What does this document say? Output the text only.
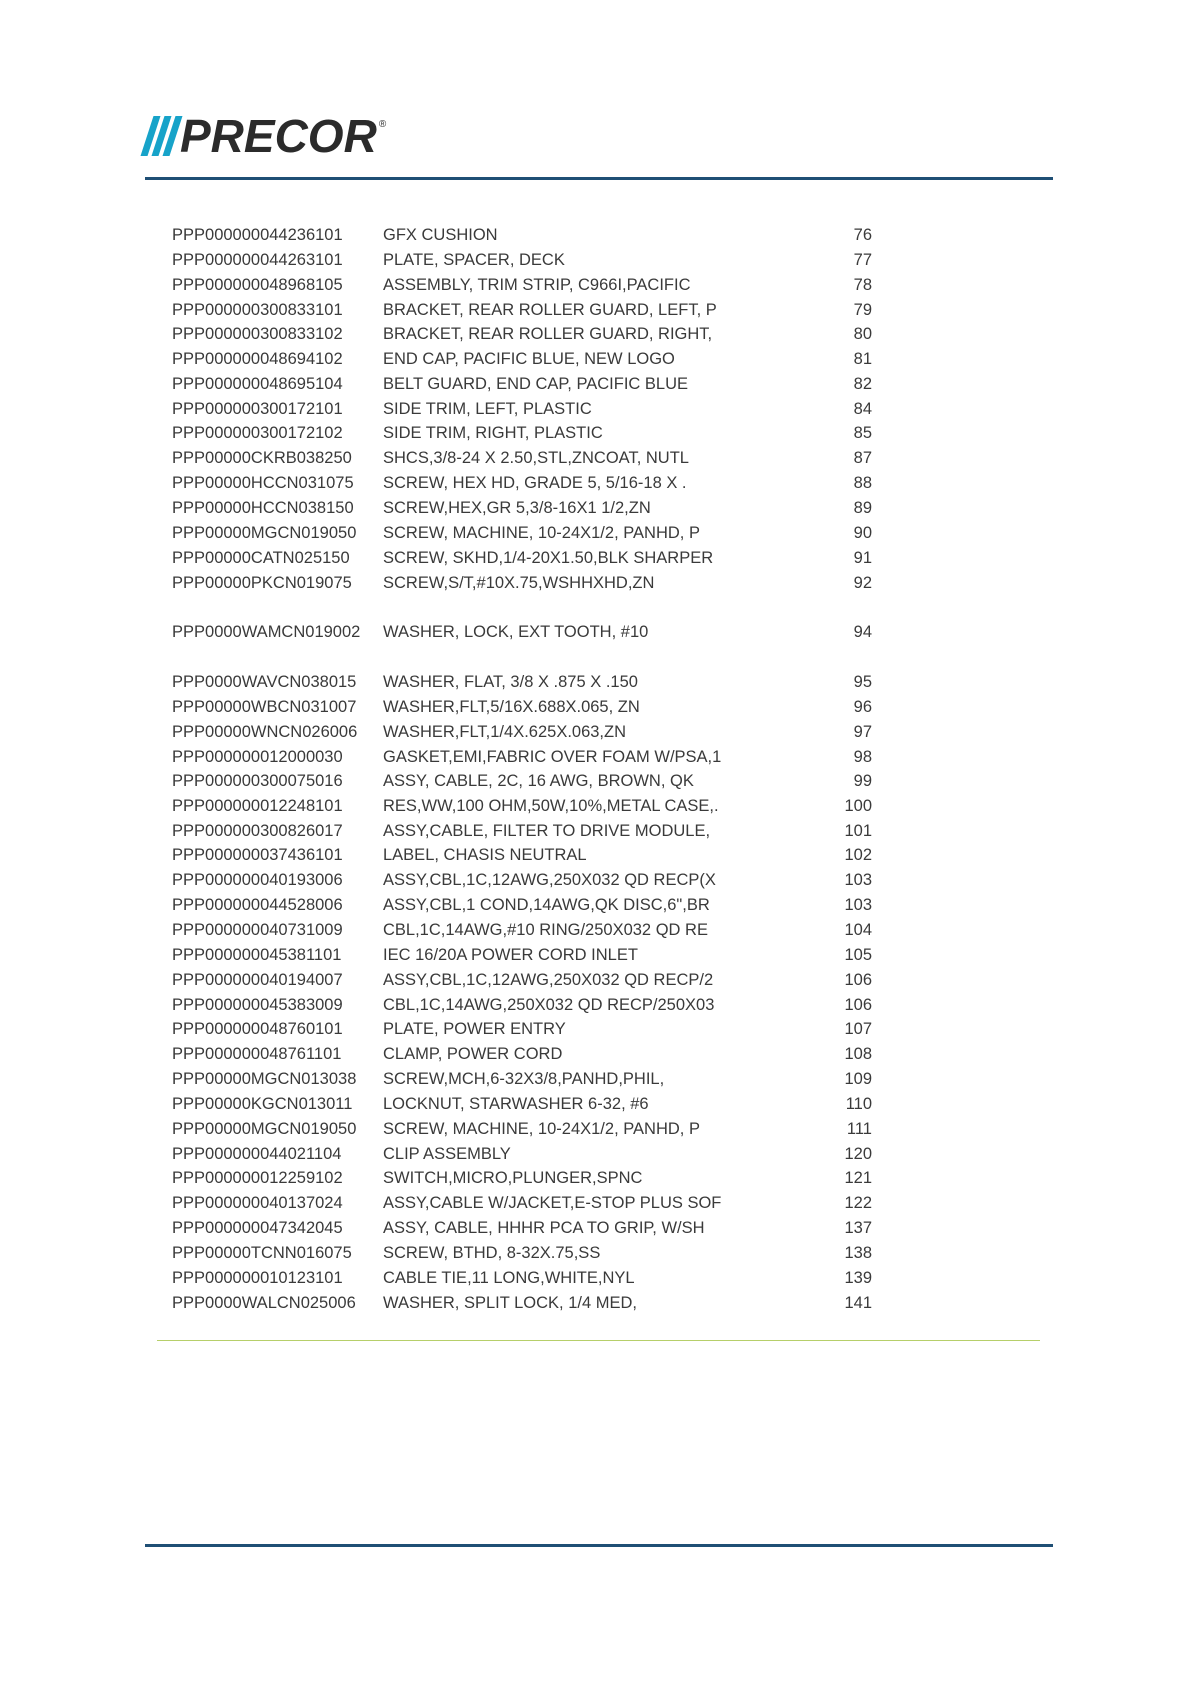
PRECOR ®
PPP000000044236101 GFX CUSHION	76
PPP000000044263101 PLATE, SPACER, DECK	77
PPP000000048968105 ASSEMBLY, TRIM STRIP, C966I,PACIFIC	78
PPP000000300833101 BRACKET, REAR ROLLER GUARD, LEFT, P	79
PPP000000300833102 BRACKET, REAR ROLLER GUARD, RIGHT,	80
PPP000000048694102 END CAP, PACIFIC BLUE, NEW LOGO	81
PPP000000048695104 BELT GUARD, END CAP, PACIFIC BLUE	82
PPP000000300172101 SIDE TRIM, LEFT, PLASTIC	84
PPP000000300172102 SIDE TRIM, RIGHT, PLASTIC	85
PPP00000CKRB038250 SHCS,3/8-24 X 2.50,STL,ZNCOAT, NUTL	87
PPP00000HCCN031075 SCREW, HEX HD, GRADE 5, 5/16-18 X .	88
PPP00000HCCN038150 SCREW,HEX,GR 5,3/8-16X1 1/2,ZN	89
PPP00000MGCN019050 SCREW, MACHINE, 10-24X1/2, PANHD, P	90
PPP00000CATN025150 SCREW, SKHD,1/4-20X1.50,BLK SHARPER	91
PPP00000PKCN019075 SCREW,S/T,#10X.75,WSHHXHD,ZN	92
PPP0000WAMCN019002 WASHER, LOCK, EXT TOOTH, #10	94
PPP0000WAVCN038015 WASHER, FLAT, 3/8 X .875 X .150	95
PPP00000WBCN031007 WASHER,FLT,5/16X.688X.065, ZN	96
PPP00000WNCN026006 WASHER,FLT,1/4X.625X.063,ZN	97
PPP000000012000030 GASKET,EMI,FABRIC OVER FOAM W/PSA,1	98
PPP000000300075016 ASSY, CABLE, 2C, 16 AWG, BROWN, QK	99
PPP000000012248101 RES,WW,100 OHM,50W,10%,METAL CASE,.	100
PPP000000300826017 ASSY,CABLE, FILTER TO DRIVE MODULE,	101
PPP000000037436101 LABEL, CHASIS NEUTRAL	102
PPP000000040193006 ASSY,CBL,1C,12AWG,250X032 QD RECP(X	103
PPP000000044528006 ASSY,CBL,1 COND,14AWG,QK DISC,6",BR	103
PPP000000040731009 CBL,1C,14AWG,#10 RING/250X032 QD RE	104
PPP000000045381101	IEC 16/20A POWER CORD INLET	105
PPP000000040194007 ASSY,CBL,1C,12AWG,250X032 QD RECP/2	106
PPP000000045383009 CBL,1C,14AWG,250X032 QD RECP/250X03	106
PPP000000048760101 PLATE, POWER ENTRY	107
PPP000000048761101	CLAMP, POWER CORD	108
PPP00000MGCN013038 SCREW,MCH,6-32X3/8,PANHD,PHIL,	109
PPP00000KGCN013011 LOCKNUT, STARWASHER 6-32, #6	110
PPP00000MGCN019050 SCREW, MACHINE, 10-24X1/2, PANHD, P	111
PPP000000044021104	CLIP ASSEMBLY	120
PPP000000012259102 SWITCH,MICRO,PLUNGER,SPNC	121
PPP000000040137024 ASSY,CABLE W/JACKET,E-STOP PLUS SOF	122
PPP000000047342045 ASSY, CABLE, HHHR PCA TO GRIP, W/SH	137
PPP00000TCNN016075 SCREW, BTHD, 8-32X.75,SS	138
PPP000000010123101 CABLE TIE,11 LONG,WHITE,NYL	139
PPP0000WALCN025006 WASHER, SPLIT LOCK, 1/4 MED,	141
